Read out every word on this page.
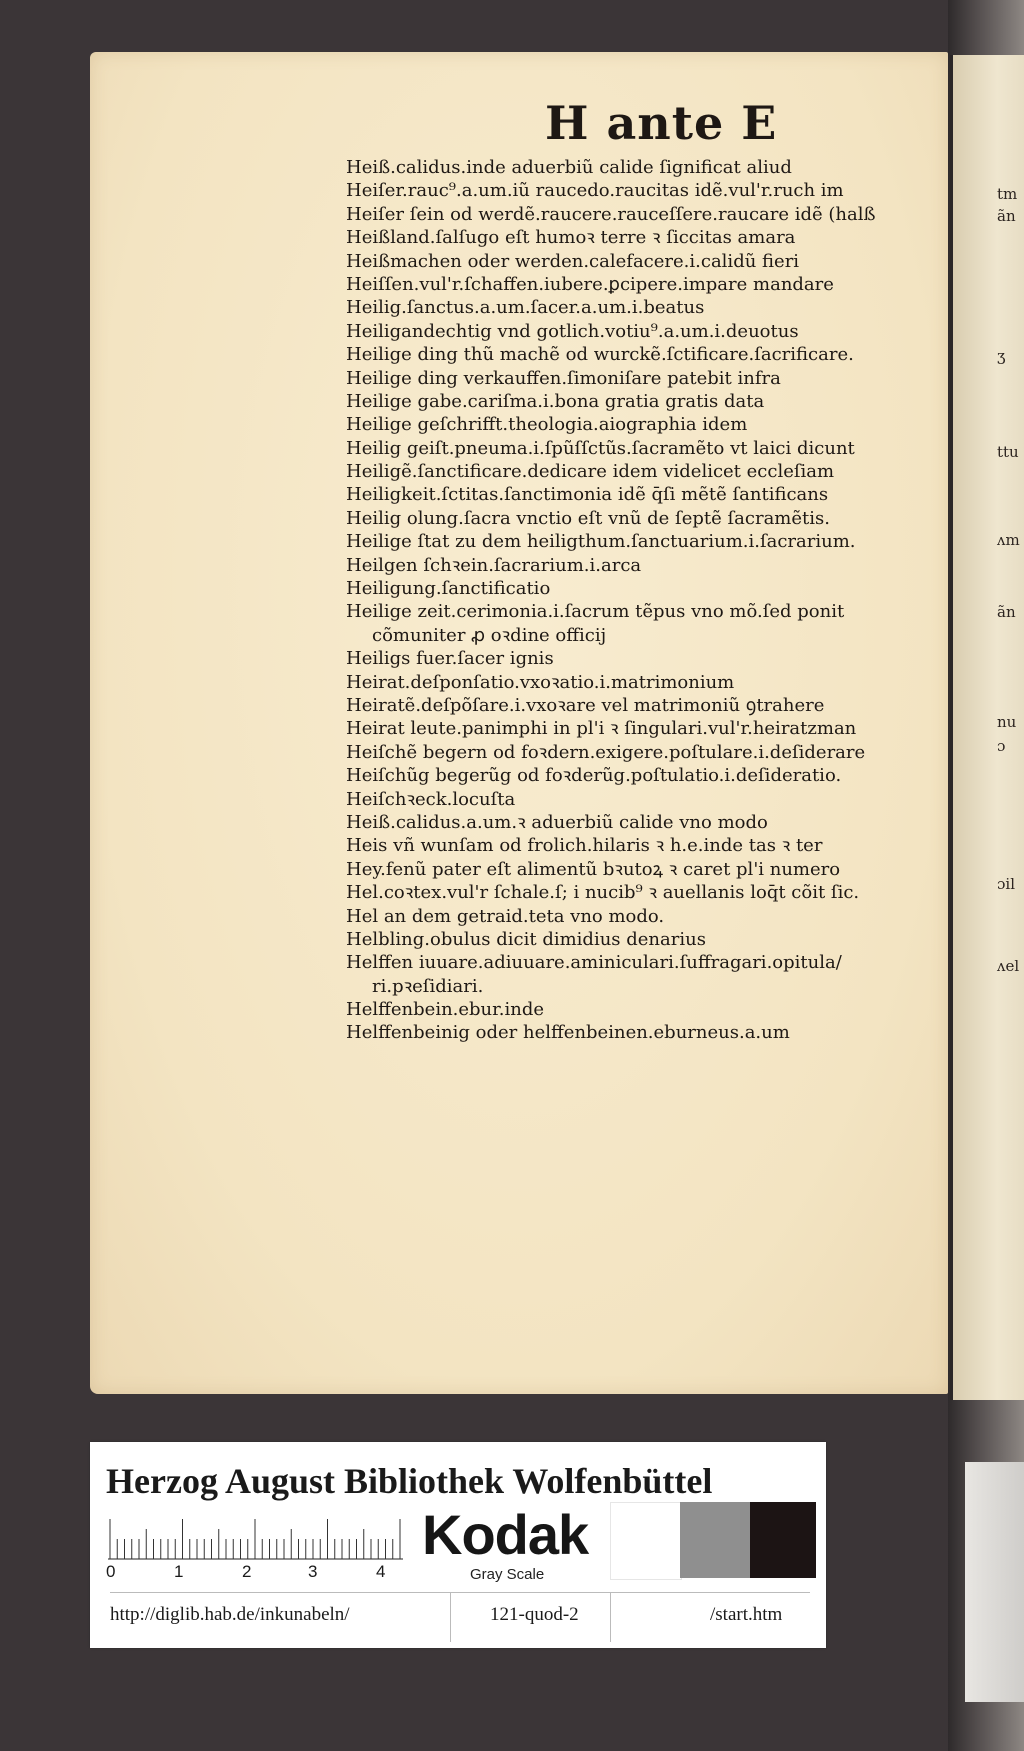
tm
ãn
ʒ
ttu
ʌm
ãn
nu
ɔ
ɔil
ʌel
H ante E
Heiß.calidus.inde aduerbiũ calide ſignificat aliud
Heiſer.rauc⁹.a.um.iũ raucedo.raucitas idẽ.vul'r.ruch im
Heiſer ſein od werdẽ.raucere.rauceſſere.raucare idẽ (halß
Heißland.ſalſugo eſt humoꝛ terre ꝛ ſiccitas amara
Heißmachen oder werden.calefacere.i.calidũ fieri
Heiſſen.vul'r.ſchaffen.iubere.ꝑcipere.impare mandare
Heilig.ſanctus.a.um.ſacer.a.um.i.beatus
Heiligandechtig vnd gotlich.votiu⁹.a.um.i.deuotus
Heilige ding thũ machẽ od wurckẽ.ſctificare.ſacrificare.
Heilige ding verkauffen.ſimoniſare patebit infra
Heilige gabe.cariſma.i.bona gratia gratis data
Heilige geſchrifft.theologia.aiographia idem
Heilig geiſt.pneuma.i.ſpũſſctũs.ſacramẽto vt laici dicunt
Heiligẽ.ſanctificare.dedicare idem videlicet eccleſiam
Heiligkeit.ſctitas.ſanctimonia idẽ q̄ſi mẽtẽ ſantificans
Heilig olung.ſacra vnctio eſt vnũ de ſeptẽ ſacramẽtis.
Heilige ſtat zu dem heiligthum.ſanctuarium.i.ſacrarium.
Heilgen ſchꝛein.ſacrarium.i.arca
Heiligung.ſanctificatio
Heilige zeit.cerimonia.i.ſacrum tẽpus vno mõ.ſed ponit
cõmuniter ꝓ oꝛdine officij
Heiligs fuer.ſacer ignis
Heirat.deſponſatio.vxoꝛatio.i.matrimonium
Heiratẽ.deſpõſare.i.vxoꝛare vel matrimoniũ ꝯtrahere
Heirat leute.panimphi in pl'i ꝛ ſingulari.vul'r.heiratzman
Heiſchẽ begern od foꝛdern.exigere.poſtulare.i.deſiderare
Heiſchũg begerũg od foꝛderũg.poſtulatio.i.deſideratio.
Heiſchꝛeck.locuſta
Heiß.calidus.a.um.ꝛ aduerbiũ calide vno modo
Heis vñ wunſam od frolich.hilaris ꝛ h.e.inde tas ꝛ ter
Hey.fenũ pater eſt alimentũ bꝛutoꝝ ꝛ caret pl'i numero
Hel.coꝛtex.vul'r ſchale.ſ; i nucib⁹ ꝛ auellanis loq̄t cõit ſic.
Hel an dem getraid.teta vno modo.
Helbling.obulus dicit dimidius denarius
Helffen iuuare.adiuuare.aminiculari.ſuffragari.opitula/
ri.pꝛeſidiari.
Helffenbein.ebur.inde
Helffenbeinig oder helffenbeinen.eburneus.a.um
Herzog August Bibliothek Wolfenbüttel
0	1	2	3	4
Kodak
Gray Scale
http://diglib.hab.de/inkunabeln/	121-quod-2	/start.htm
